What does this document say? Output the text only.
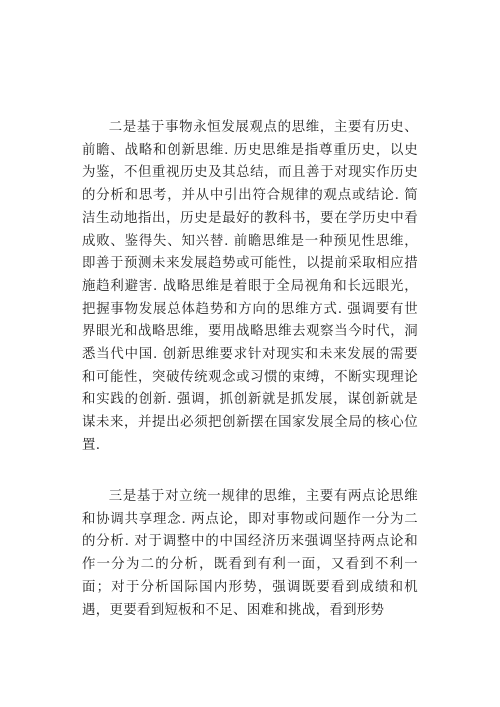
二是基于事物永恒发展观点的思维，主要有历史、前瞻、战略和创新思维. 历史思维是指尊重历史，以史为鉴，不但重视历史及其总结，而且善于对现实作历史的分析和思考，并从中引出符合规律的观点或结论. 简洁生动地指出，历史是最好的教科书，要在学历史中看成败、鉴得失、知兴替. 前瞻思维是一种预见性思维，即善于预测未来发展趋势或可能性，以提前采取相应措施趋利避害. 战略思维是着眼于全局视角和长远眼光，把握事物发展总体趋势和方向的思维方式. 强调要有世界眼光和战略思维，要用战略思维去观察当今时代，洞悉当代中国. 创新思维要求针对现实和未来发展的需要和可能性，突破传统观念或习惯的束缚，不断实现理论和实践的创新. 强调，抓创新就是抓发展，谋创新就是谋未来，并提出必须把创新摆在国家发展全局的核心位置.

三是基于对立统一规律的思维，主要有两点论思维和协调共享理念. 两点论，即对事物或问题作一分为二的分析. 对于调整中的中国经济历来强调坚持两点论和作一分为二的分析，既看到有利一面，又看到不利一面；对于分析国际国内形势，强调既要看到成绩和机遇，更要看到短板和不足、困难和挑战，看到形势
